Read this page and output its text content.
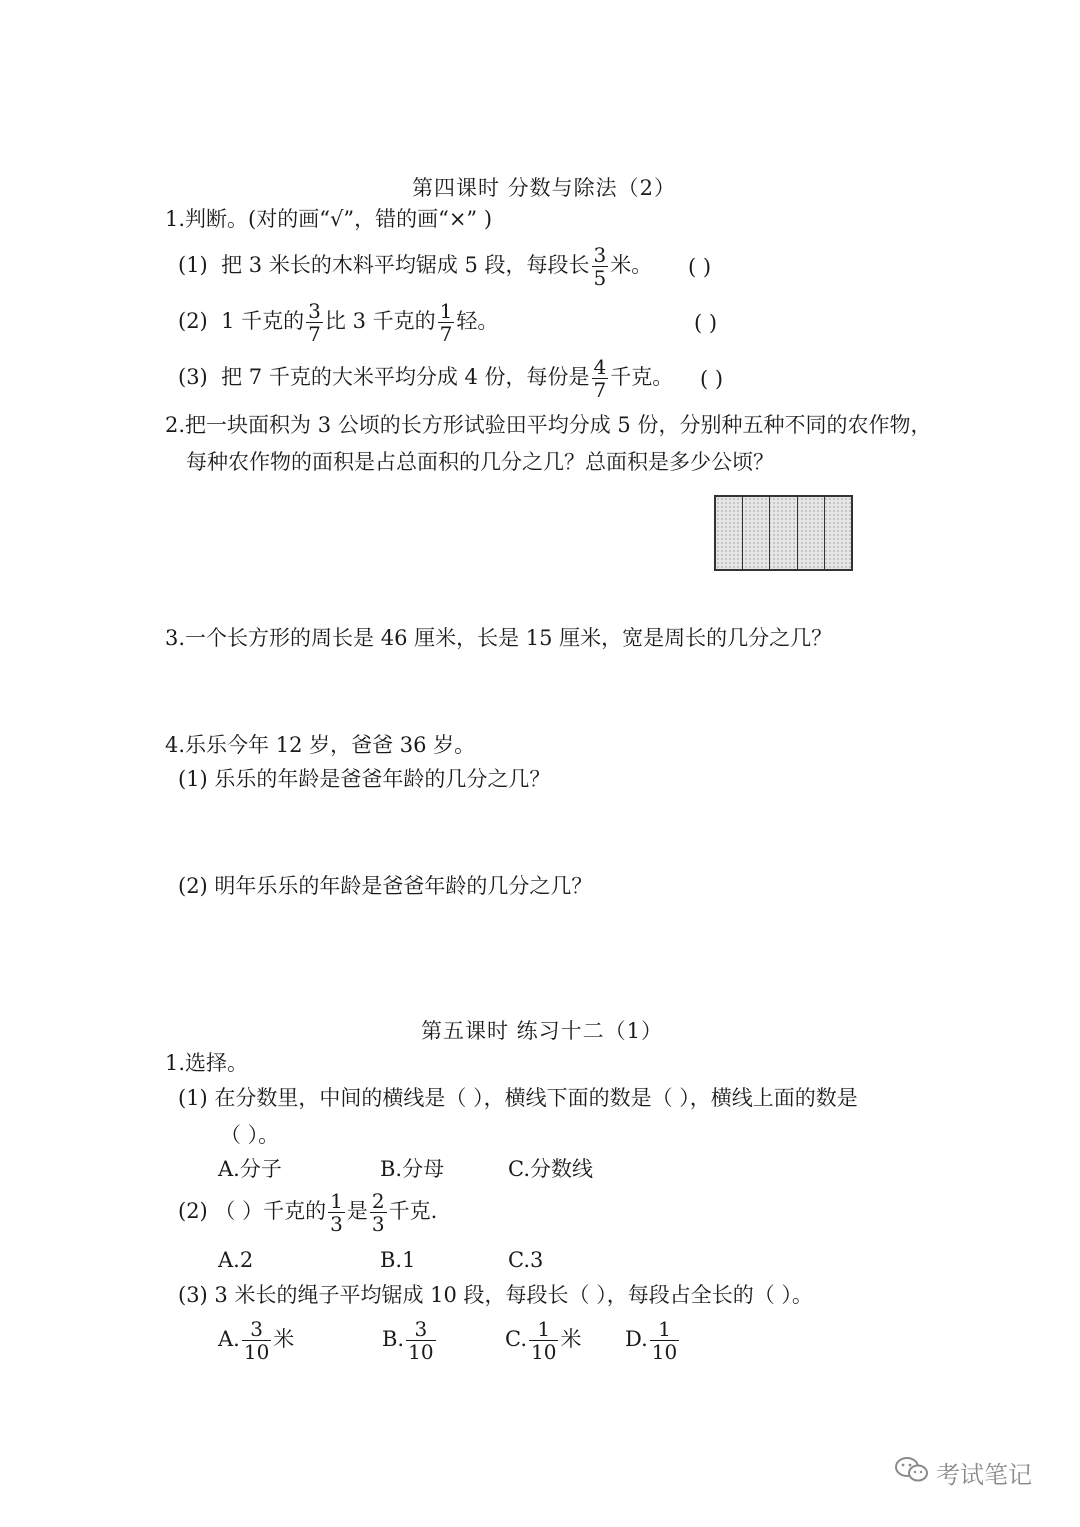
第四课时 分数与除法（2）
1.判断。(对的画“√”，错的画“×” )
(1) 把 3 米长的木料平均锯成 5 段，每段长 $\frac{3}{5}$ 米。 ( )
(2) 1 千克的 $\frac{3}{7}$ 比 3 千克的 $\frac{1}{7}$ 轻。	( )
(3) 把 7 千克的大米平均分成 4 份，每份是 $\frac{4}{7}$ 千克。 ( )
2.把一块面积为 3 公顷的长方形试验田平均分成 5 份，分别种五种不同的农作物，
每种农作物的面积是占总面积的几分之几？总面积是多少公顷？
3.一个长方形的周长是 46 厘米，长是 15 厘米，宽是周长的几分之几？
4.乐乐今年 12 岁，爸爸 36 岁。
(1) 乐乐的年龄是爸爸年龄的几分之几？
(2) 明年乐乐的年龄是爸爸年龄的几分之几？
第五课时 练习十二（1）
1.选择。
(1) 在分数里，中间的横线是（ ），横线下面的数是（ ），横线上面的数是
（ ）。
A.分子	B.分母	C.分数线
(2) （ ）千克的 $\frac{1}{3}$ 是 $\frac{2}{3}$ 千克.
A.2	B.1	C.3
(3) 3 米长的绳子平均锯成 10 段，每段长（ ），每段占全长的（ ）。
A. $\frac{3}{10}$ 米	B. $\frac{3}{10}$	C. $\frac{1}{10}$ 米 D. $\frac{1}{10}$
考试笔记
